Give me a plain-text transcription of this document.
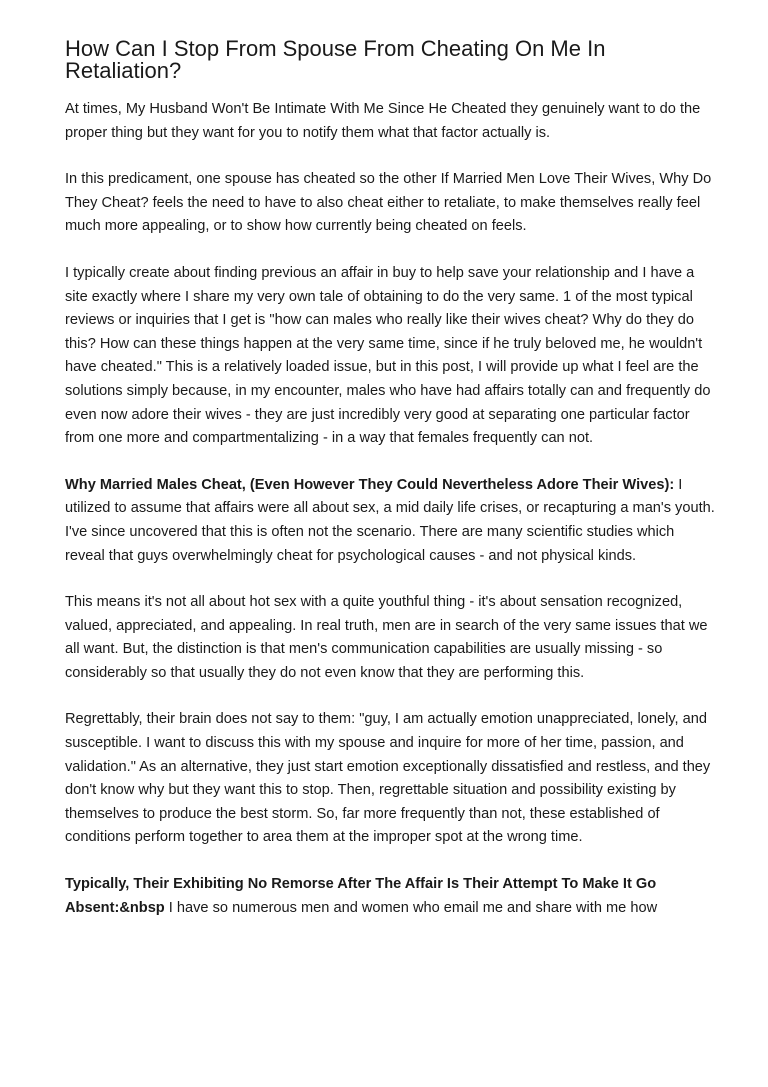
How Can I Stop From Spouse From Cheating On Me In Retaliation?

At times, My Husband Won't Be Intimate With Me Since He Cheated they genuinely want to do the proper thing but they want for you to notify them what that factor actually is.

In this predicament, one spouse has cheated so the other If Married Men Love Their Wives, Why Do They Cheat? feels the need to have to also cheat either to retaliate, to make themselves really feel much more appealing, or to show how currently being cheated on feels.

I typically create about finding previous an affair in buy to help save your relationship and I have a site exactly where I share my very own tale of obtaining to do the very same. 1 of the most typical reviews or inquiries that I get is "how can males who really like their wives cheat? Why do they do this? How can these things happen at the very same time, since if he truly beloved me, he wouldn't have cheated." This is a relatively loaded issue, but in this post, I will provide up what I feel are the solutions simply because, in my encounter, males who have had affairs totally can and frequently do even now adore their wives - they are just incredibly very good at separating one particular factor from one more and compartmentalizing - in a way that females frequently can not.

Why Married Males Cheat, (Even However They Could Nevertheless Adore Their Wives): I utilized to assume that affairs were all about sex, a mid daily life crises, or recapturing a man's youth. I've since uncovered that this is often not the scenario. There are many scientific studies which reveal that guys overwhelmingly cheat for psychological causes - and not physical kinds.

This means it's not all about hot sex with a quite youthful thing - it's about sensation recognized, valued, appreciated, and appealing. In real truth, men are in search of the very same issues that we all want. But, the distinction is that men's communication capabilities are usually missing - so considerably so that usually they do not even know that they are performing this.

Regrettably, their brain does not say to them: "guy, I am actually emotion unappreciated, lonely, and susceptible. I want to discuss this with my spouse and inquire for more of her time, passion, and validation." As an alternative, they just start emotion exceptionally dissatisfied and restless, and they don't know why but they want this to stop. Then, regrettable situation and possibility existing by themselves to produce the best storm. So, far more frequently than not, these established of conditions perform together to area them at the improper spot at the wrong time.

Typically, Their Exhibiting No Remorse After The Affair Is Their Attempt To Make It Go Absent:&nbsp I have so numerous men and women who email me and share with me how
